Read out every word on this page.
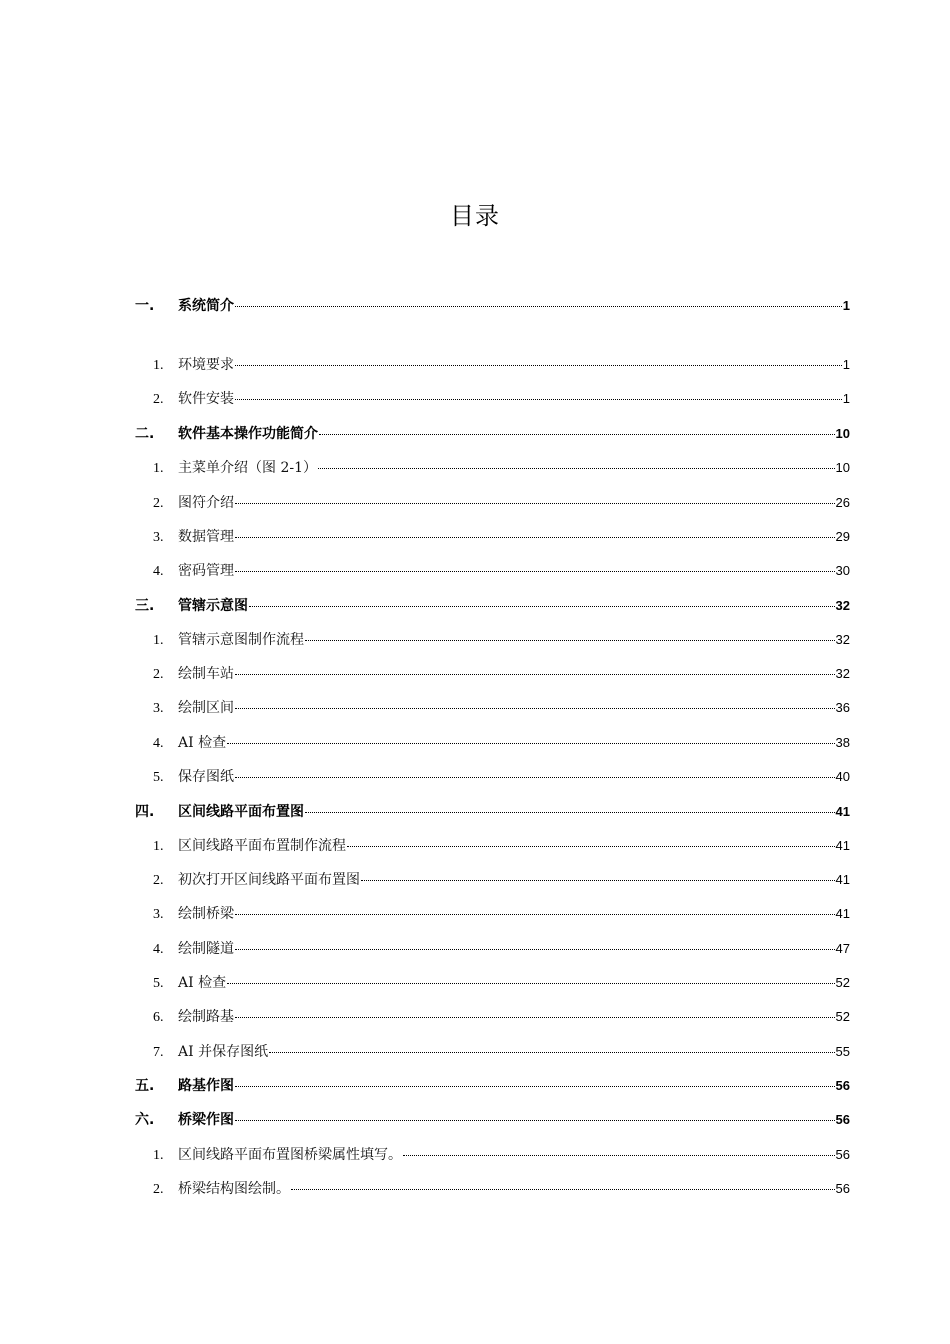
目录
一.	系统简介	1
1.	环境要求	1
2.	软件安装	1
二.	软件基本操作功能简介	10
1.	主菜单介绍（图 2-1）	10
2.	图符介绍	26
3.	数据管理	29
4.	密码管理	30
三.	管辖示意图	32
1.	管辖示意图制作流程	32
2.	绘制车站	32
3.	绘制区间	36
4.	AI 检查	38
5.	保存图纸	40
四.	区间线路平面布置图	41
1.	区间线路平面布置制作流程	41
2.	初次打开区间线路平面布置图	41
3.	绘制桥梁	41
4.	绘制隧道	47
5.	AI 检查	52
6.	绘制路基	52
7.	AI 并保存图纸	55
五.	路基作图	56
六.	桥梁作图	56
1.	区间线路平面布置图桥梁属性填写。	56
2.	桥梁结构图绘制。	56
